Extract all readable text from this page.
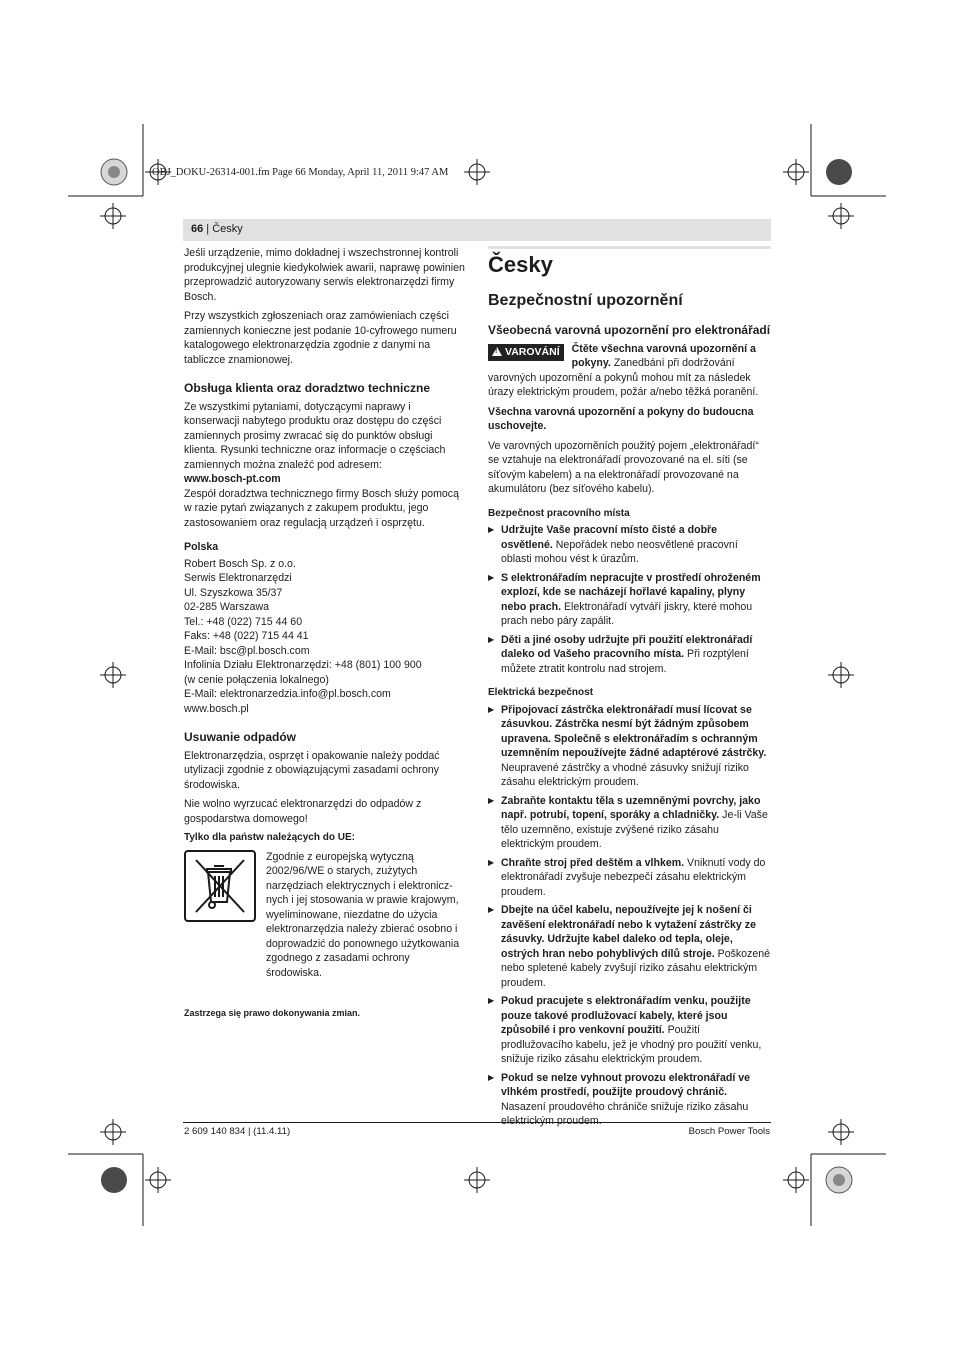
OBJ_DOKU-26314-001.fm Page 66 Monday, April 11, 2011 9:47 AM
66 | Česky

Jeśli urządzenie, mimo dokładnej i wszechstronnej kontroli produkcyjnej ulegnie kiedykolwiek awarii, naprawę powinien przeprowadzić autoryzowany serwis elektronarzędzi firmy Bosch.

Przy wszystkich zgłoszeniach oraz zamówieniach części zamiennych konieczne jest podanie 10-cyfrowego numeru katalogowego elektronarzędzia zgodnie z danymi na tabliczce znamionowej.

Obsługa klienta oraz doradztwo techniczne

Ze wszystkimi pytaniami, dotyczącymi naprawy i konserwacji nabytego produktu oraz dostępu do części zamiennych prosimy zwracać się do punktów obsługi klienta. Rysunki techniczne oraz informacje o częściach zamiennych można znaleźć pod adresem:

www.bosch-pt.com

Zespół doradztwa technicznego firmy Bosch służy pomocą w razie pytań związanych z zakupem produktu, jego zastosowaniem oraz regulacją urządzeń i osprzętu.

Polska
Robert Bosch Sp. z o.o.
Serwis Elektronarzędzi
Ul. Szyszkowa 35/37
02-285 Warszawa
Tel.: +48 (022) 715 44 60
Faks: +48 (022) 715 44 41
E-Mail: bsc@pl.bosch.com
Infolinia Działu Elektronarzędzi: +48 (801) 100 900
(w cenie połączenia lokalnego)
E-Mail: elektronarzedzia.info@pl.bosch.com
www.bosch.pl
Usuwanie odpadów

Elektronarzędzia, osprzęt i opakowanie należy poddać utylizacji zgodnie z obowiązującymi zasadami ochrony środowiska.

Nie wolno wyrzucać elektronarzędzi do odpadów z gospodarstwa domowego!

Tylko dla państw należących do UE:
Zgodnie z europejską wytyczną 2002/96/WE o starych, zużytych narzędziach elektrycznych i elektronicz-nych i jej stosowania w prawie krajowym, wyeliminowane, niezdatne do użycia elektronarzędzia należy zbierać osobno i doprowadzić do ponownego użytkowania zgodnego z zasadami ochrony środowiska.
Zastrzega się prawo dokonywania zmian.
Česky
Bezpečnostní upozornění
Všeobecná varovná upozornění pro elektronářadí

!VAROVÁNÍ	Čtěte všechna varovná upozornění a pokyny. Zanedbání při dodržování varovných upozornění a pokynů mohou mít za následek úrazy elektrickým proudem, požár a/nebo těžká poranění.

Všechna varovná upozornění a pokyny do budoucna uschovejte.

Ve varovných upozorněních použitý pojem „elektronářadí“ se vztahuje na elektronářadí provozované na el. síti (se síťovým kabelem) a na elektronářadí provozované na akumulátoru (bez síťového kabelu).

Bezpečnost pracovního místa
▶ Udržujte Vaše pracovní místo čisté a dobře osvětlené. Nepořádek nebo neosvětlené pracovní oblasti mohou vést k úrazům.
▶ S elektronářadím nepracujte v prostředí ohroženém explozí, kde se nacházejí hořlavé kapaliny, plyny nebo prach. Elektronářadí vytváří jiskry, které mohou prach nebo páry zapálit.
▶ Děti a jiné osoby udržujte při použití elektronářadí daleko od Vašeho pracovního místa. Při rozptýlení můžete ztratit kontrolu nad strojem.
Elektrická bezpečnost
▶ Připojovací zástrčka elektronářadí musí lícovat se zásuvkou. Zástrčka nesmí být žádným způsobem upravena. Společně s elektronářadím s ochranným uzemněním nepoužívejte žádné adaptérové zástrčky. Neupravené zástrčky a vhodné zásuvky snižují riziko zásahu elektrickým proudem.
▶ Zabraňte kontaktu těla s uzemněnými povrchy, jako např. potrubí, topení, sporáky a chladničky. Je-li Vaše tělo uzemněno, existuje zvýšené riziko zásahu elektrickým proudem.
▶ Chraňte stroj před deštěm a vlhkem. Vniknutí vody do elektronářadí zvyšuje nebezpečí zásahu elektrickým proudem.
▶ Dbejte na účel kabelu, nepoužívejte jej k nošení či zavěšení elektronářadí nebo k vytažení zástrčky ze zásuvky. Udržujte kabel daleko od tepla, oleje, ostrých hran nebo pohyblivých dílů stroje. Poškozené nebo spletené kabely zvyšují riziko zásahu elektrickým proudem.
▶ Pokud pracujete s elektronářadím venku, použijte pouze takové prodlužovací kabely, které jsou způsobilé i pro venkovní použití. Použití prodlužovacího kabelu, jež je vhodný pro použití venku, snižuje riziko zásahu elektrickým proudem.
▶ Pokud se nelze vyhnout provozu elektronářadí ve vlhkém prostředí, použijte proudový chránič. Nasazení proudového chrániče snižuje riziko zásahu elektrickým proudem.
2 609 140 834 | (11.4.11)	Bosch Power Tools
